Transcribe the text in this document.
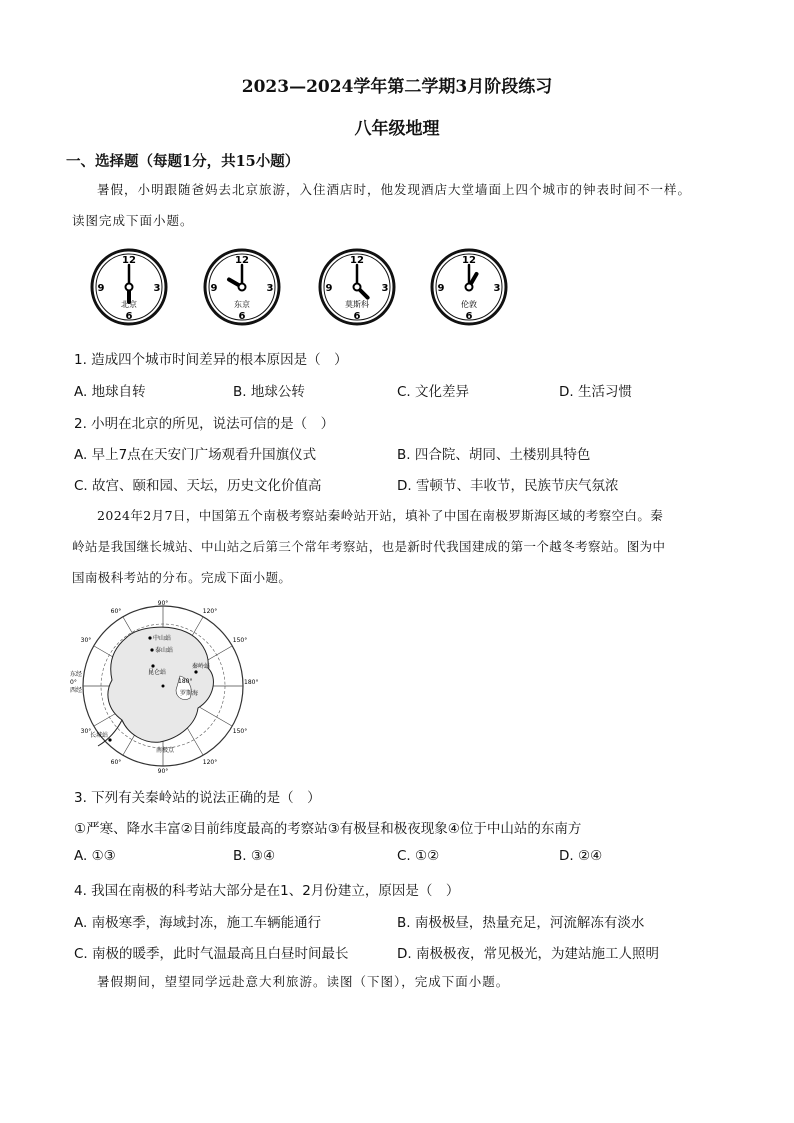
2023—2024学年第二学期3月阶段练习
八年级地理
一、选择题（每题1分，共15小题）
暑假，小明跟随爸妈去北京旅游，入住酒店时，他发现酒店大堂墙面上四个城市的钟表时间不一样。
读图完成下面小题。
12
3
6
9
北京
12
3
6
9
东京
12
3
6
9
莫斯科
12
3
6
9
伦敦
1. 造成四个城市时间差异的根本原因是（　）
A. 地球自转	B. 地球公转	C. 文化差异	D. 生活习惯
2. 小明在北京的所见，说法可信的是（　）
A. 早上7点在天安门广场观看升国旗仪式	B. 四合院、胡同、土楼别具特色
C. 故宫、颐和园、天坛，历史文化价值高	D. 雪顿节、丰收节，民族节庆气氛浓
2024年2月7日，中国第五个南极考察站秦岭站开站，填补了中国在南极罗斯海区域的考察空白。秦
岭站是我国继长城站、中山站之后第三个常年考察站，也是新时代我国建成的第一个越冬考察站。图为中
国南极科考站的分布。完成下面小题。
90°
60°	120°
150°
30°
180°	180°
东经
0°
西经
30°	150°
60°	120°
90°
中山站
泰山站
昆仑站
秦岭站
罗斯海
长城站
南极点
3. 下列有关秦岭站的说法正确的是（　）
①严寒、降水丰富②目前纬度最高的考察站③有极昼和极夜现象④位于中山站的东南方
A. ①③	B. ③④	C. ①②	D. ②④
4. 我国在南极的科考站大部分是在1、2月份建立，原因是（　）
A. 南极寒季，海域封冻，施工车辆能通行	B. 南极极昼，热量充足，河流解冻有淡水
C. 南极的暖季，此时气温最高且白昼时间最长	D. 南极极夜，常见极光，为建站施工人照明
暑假期间，望望同学远赴意大利旅游。读图（下图），完成下面小题。
